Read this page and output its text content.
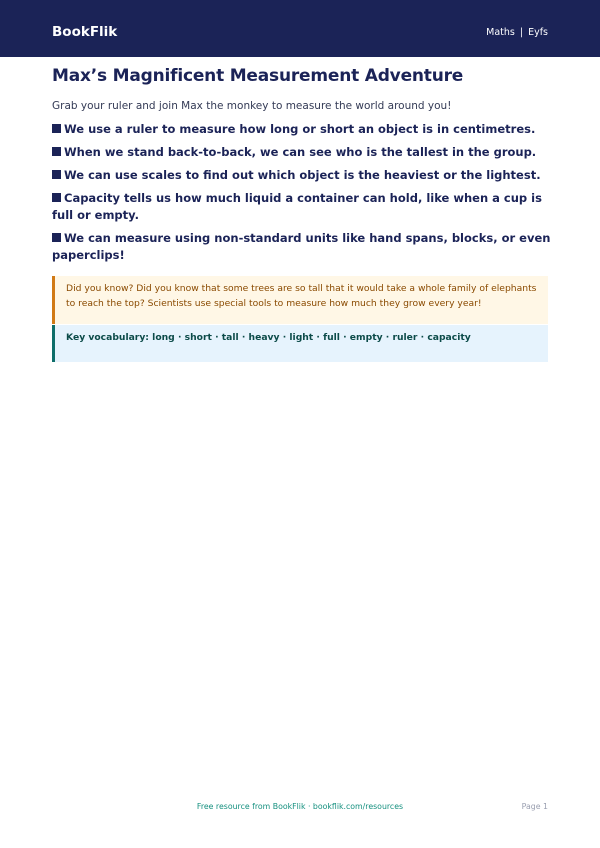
BookFlik	Maths | Eyfs
Max’s Magnificent Measurement Adventure
Grab your ruler and join Max the monkey to measure the world around you!
We use a ruler to measure how long or short an object is in centimetres.
When we stand back-to-back, we can see who is the tallest in the group.
We can use scales to find out which object is the heaviest or the lightest.
Capacity tells us how much liquid a container can hold, like when a cup is full or empty.
We can measure using non-standard units like hand spans, blocks, or even paperclips!
Did you know? Did you know that some trees are so tall that it would take a whole family of elephants to reach the top? Scientists use special tools to measure how much they grow every year!
Key vocabulary: long · short · tall · heavy · light · full · empty · ruler · capacity
Free resource from BookFlik · bookflik.com/resources	Page 1
